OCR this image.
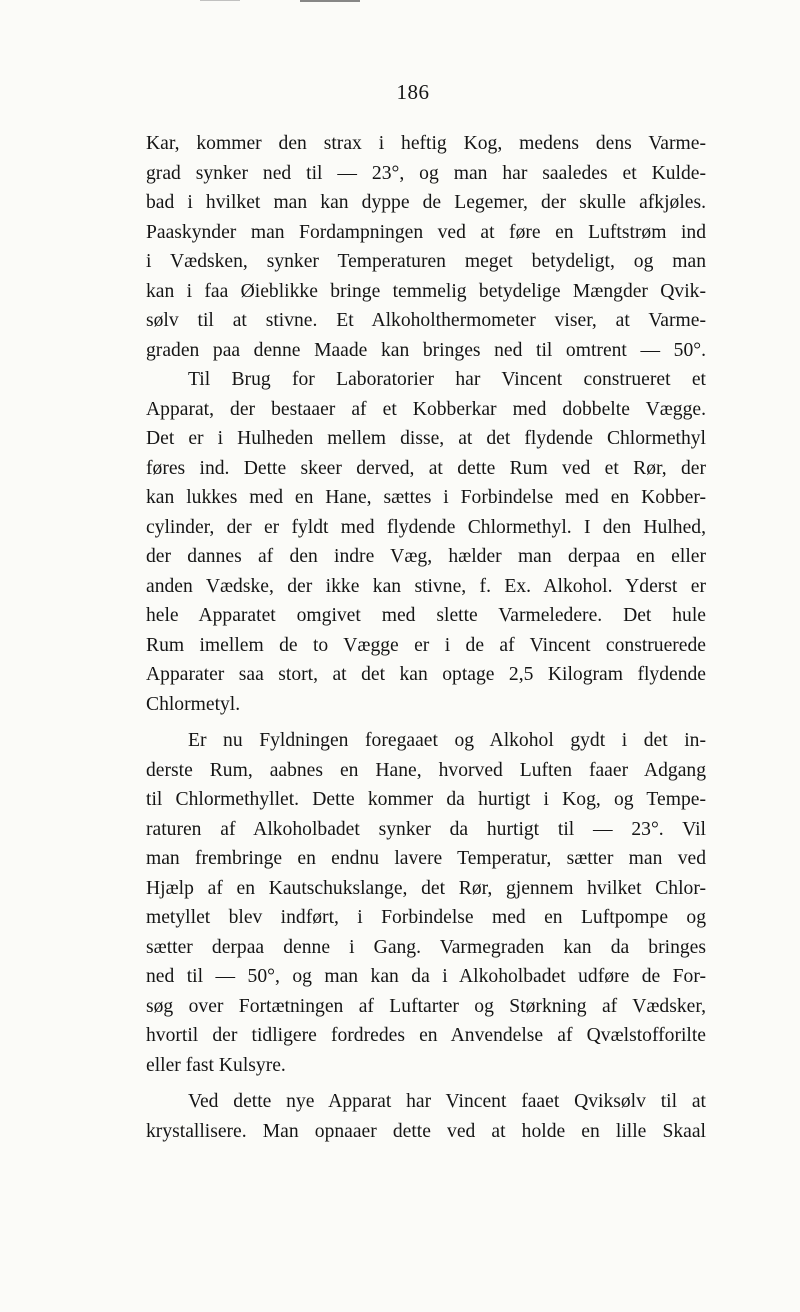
186
Kar, kommer den strax i heftig Kog, medens dens Varme-
grad synker ned til — 23°, og man har saaledes et Kulde-
bad i hvilket man kan dyppe de Legemer, der skulle afkjøles.
Paaskynder man Fordampningen ved at føre en Luftstrøm ind
i Vædsken, synker Temperaturen meget betydeligt, og man
kan i faa Øieblikke bringe temmelig betydelige Mængder Qvik-
sølv til at stivne. Et Alkoholthermometer viser, at Varme-
graden paa denne Maade kan bringes ned til omtrent — 50°.
Til Brug for Laboratorier har Vincent construeret et
Apparat, der bestaaer af et Kobberkar med dobbelte Vægge.
Det er i Hulheden mellem disse, at det flydende Chlormethyl
føres ind. Dette skeer derved, at dette Rum ved et Rør, der
kan lukkes med en Hane, sættes i Forbindelse med en Kobber-
cylinder, der er fyldt med flydende Chlormethyl. I den Hulhed,
der dannes af den indre Væg, hælder man derpaa en eller
anden Vædske, der ikke kan stivne, f. Ex. Alkohol. Yderst er
hele Apparatet omgivet med slette Varmeledere. Det hule
Rum imellem de to Vægge er i de af Vincent construerede
Apparater saa stort, at det kan optage 2,5 Kilogram flydende
Chlormetyl.
Er nu Fyldningen foregaaet og Alkohol gydt i det in-
derste Rum, aabnes en Hane, hvorved Luften faaer Adgang
til Chlormethyllet. Dette kommer da hurtigt i Kog, og Tempe-
raturen af Alkoholbadet synker da hurtigt til — 23°. Vil
man frembringe en endnu lavere Temperatur, sætter man ved
Hjælp af en Kautschukslange, det Rør, gjennem hvilket Chlor-
metyllet blev indført, i Forbindelse med en Luftpompe og
sætter derpaa denne i Gang. Varmegraden kan da bringes
ned til — 50°, og man kan da i Alkoholbadet udføre de For-
søg over Fortætningen af Luftarter og Størkning af Vædsker,
hvortil der tidligere fordredes en Anvendelse af Qvælstofforilte
eller fast Kulsyre.
Ved dette nye Apparat har Vincent faaet Qviksølv til at
krystallisere. Man opnaaer dette ved at holde en lille Skaal
